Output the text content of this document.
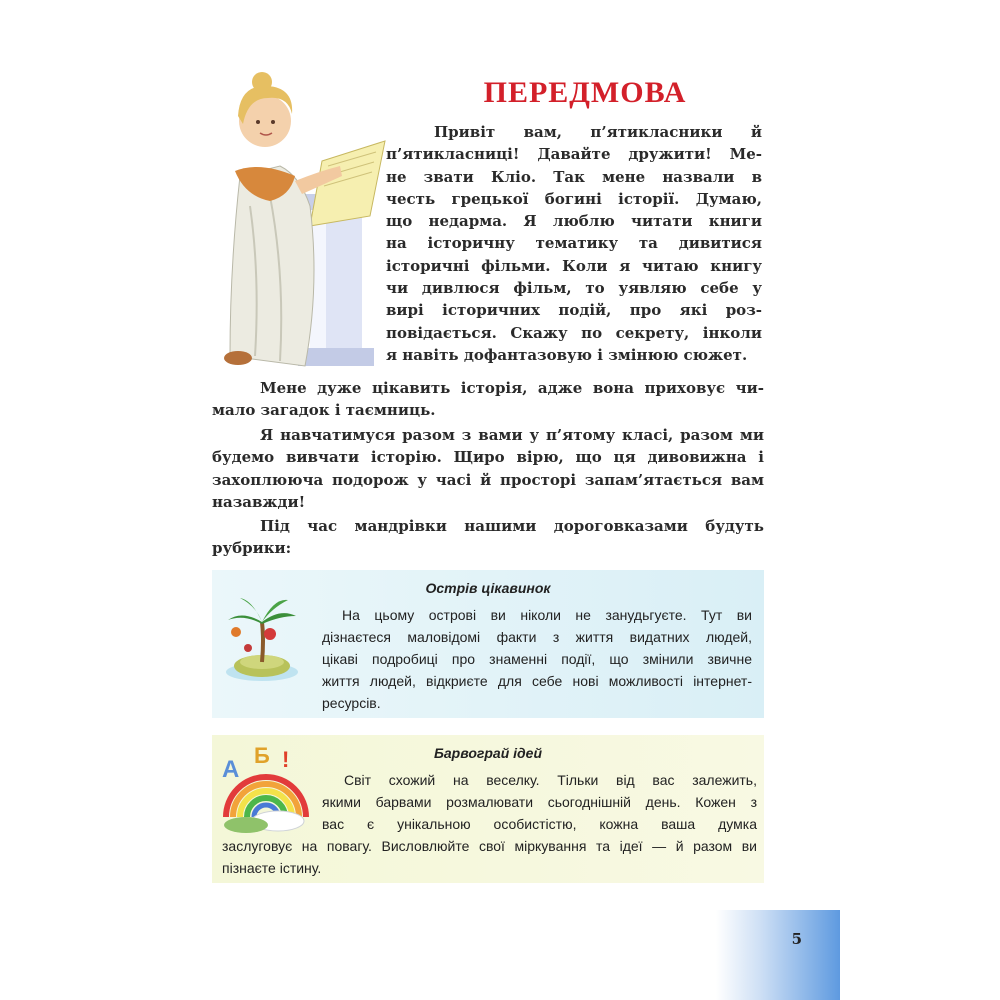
ПЕРЕДМОВА

Привіт вам, п’ятикласники й
п’ятикласниці! Давайте дружити! Ме-
не звати Кліо. Так мене назвали в
честь грецької богині історії. Думаю,
що недарма. Я люблю читати книги
на історичну тематику та дивитися
історичні фільми. Коли я читаю книгу
чи дивлюся фільм, то уявляю себе у
вирі історичних подій, про які роз-
повідається. Скажу по секрету, інколи
я навіть дофантазовую і змінюю сюжет.

Мене дуже цікавить історія, адже вона приховує чи-
мало загадок і таємниць.

Я навчатимуся разом з вами у п’ятому класі, разом ми
будемо вивчати історію. Щиро вірю, що ця дивовижна і
захоплююча подорож у часі й просторі запам’ятається вам
назавжди!

Під час мандрівки нашими дороговказами будуть
рубрики:

Острів цікавинок
На цьому острові ви ніколи не занудьгуєте. Тут ви
дізнаєтеся маловідомі факти з життя видатних людей,
цікаві подробиці про знаменні події, що змінили звичне
життя людей, відкриєте для себе нові можливості інтернет-
ресурсів.
Барвограй ідей
А
Б !
Світ схожий на веселку. Тільки від вас залежить,
якими барвами розмалювати сьогоднішній день. Кожен з
вас є унікальною особистістю, кожна ваша думка
заслуговує на повагу. Висловлюйте свої міркування та ідеї — й разом ви
пізнаєте істину.
5
